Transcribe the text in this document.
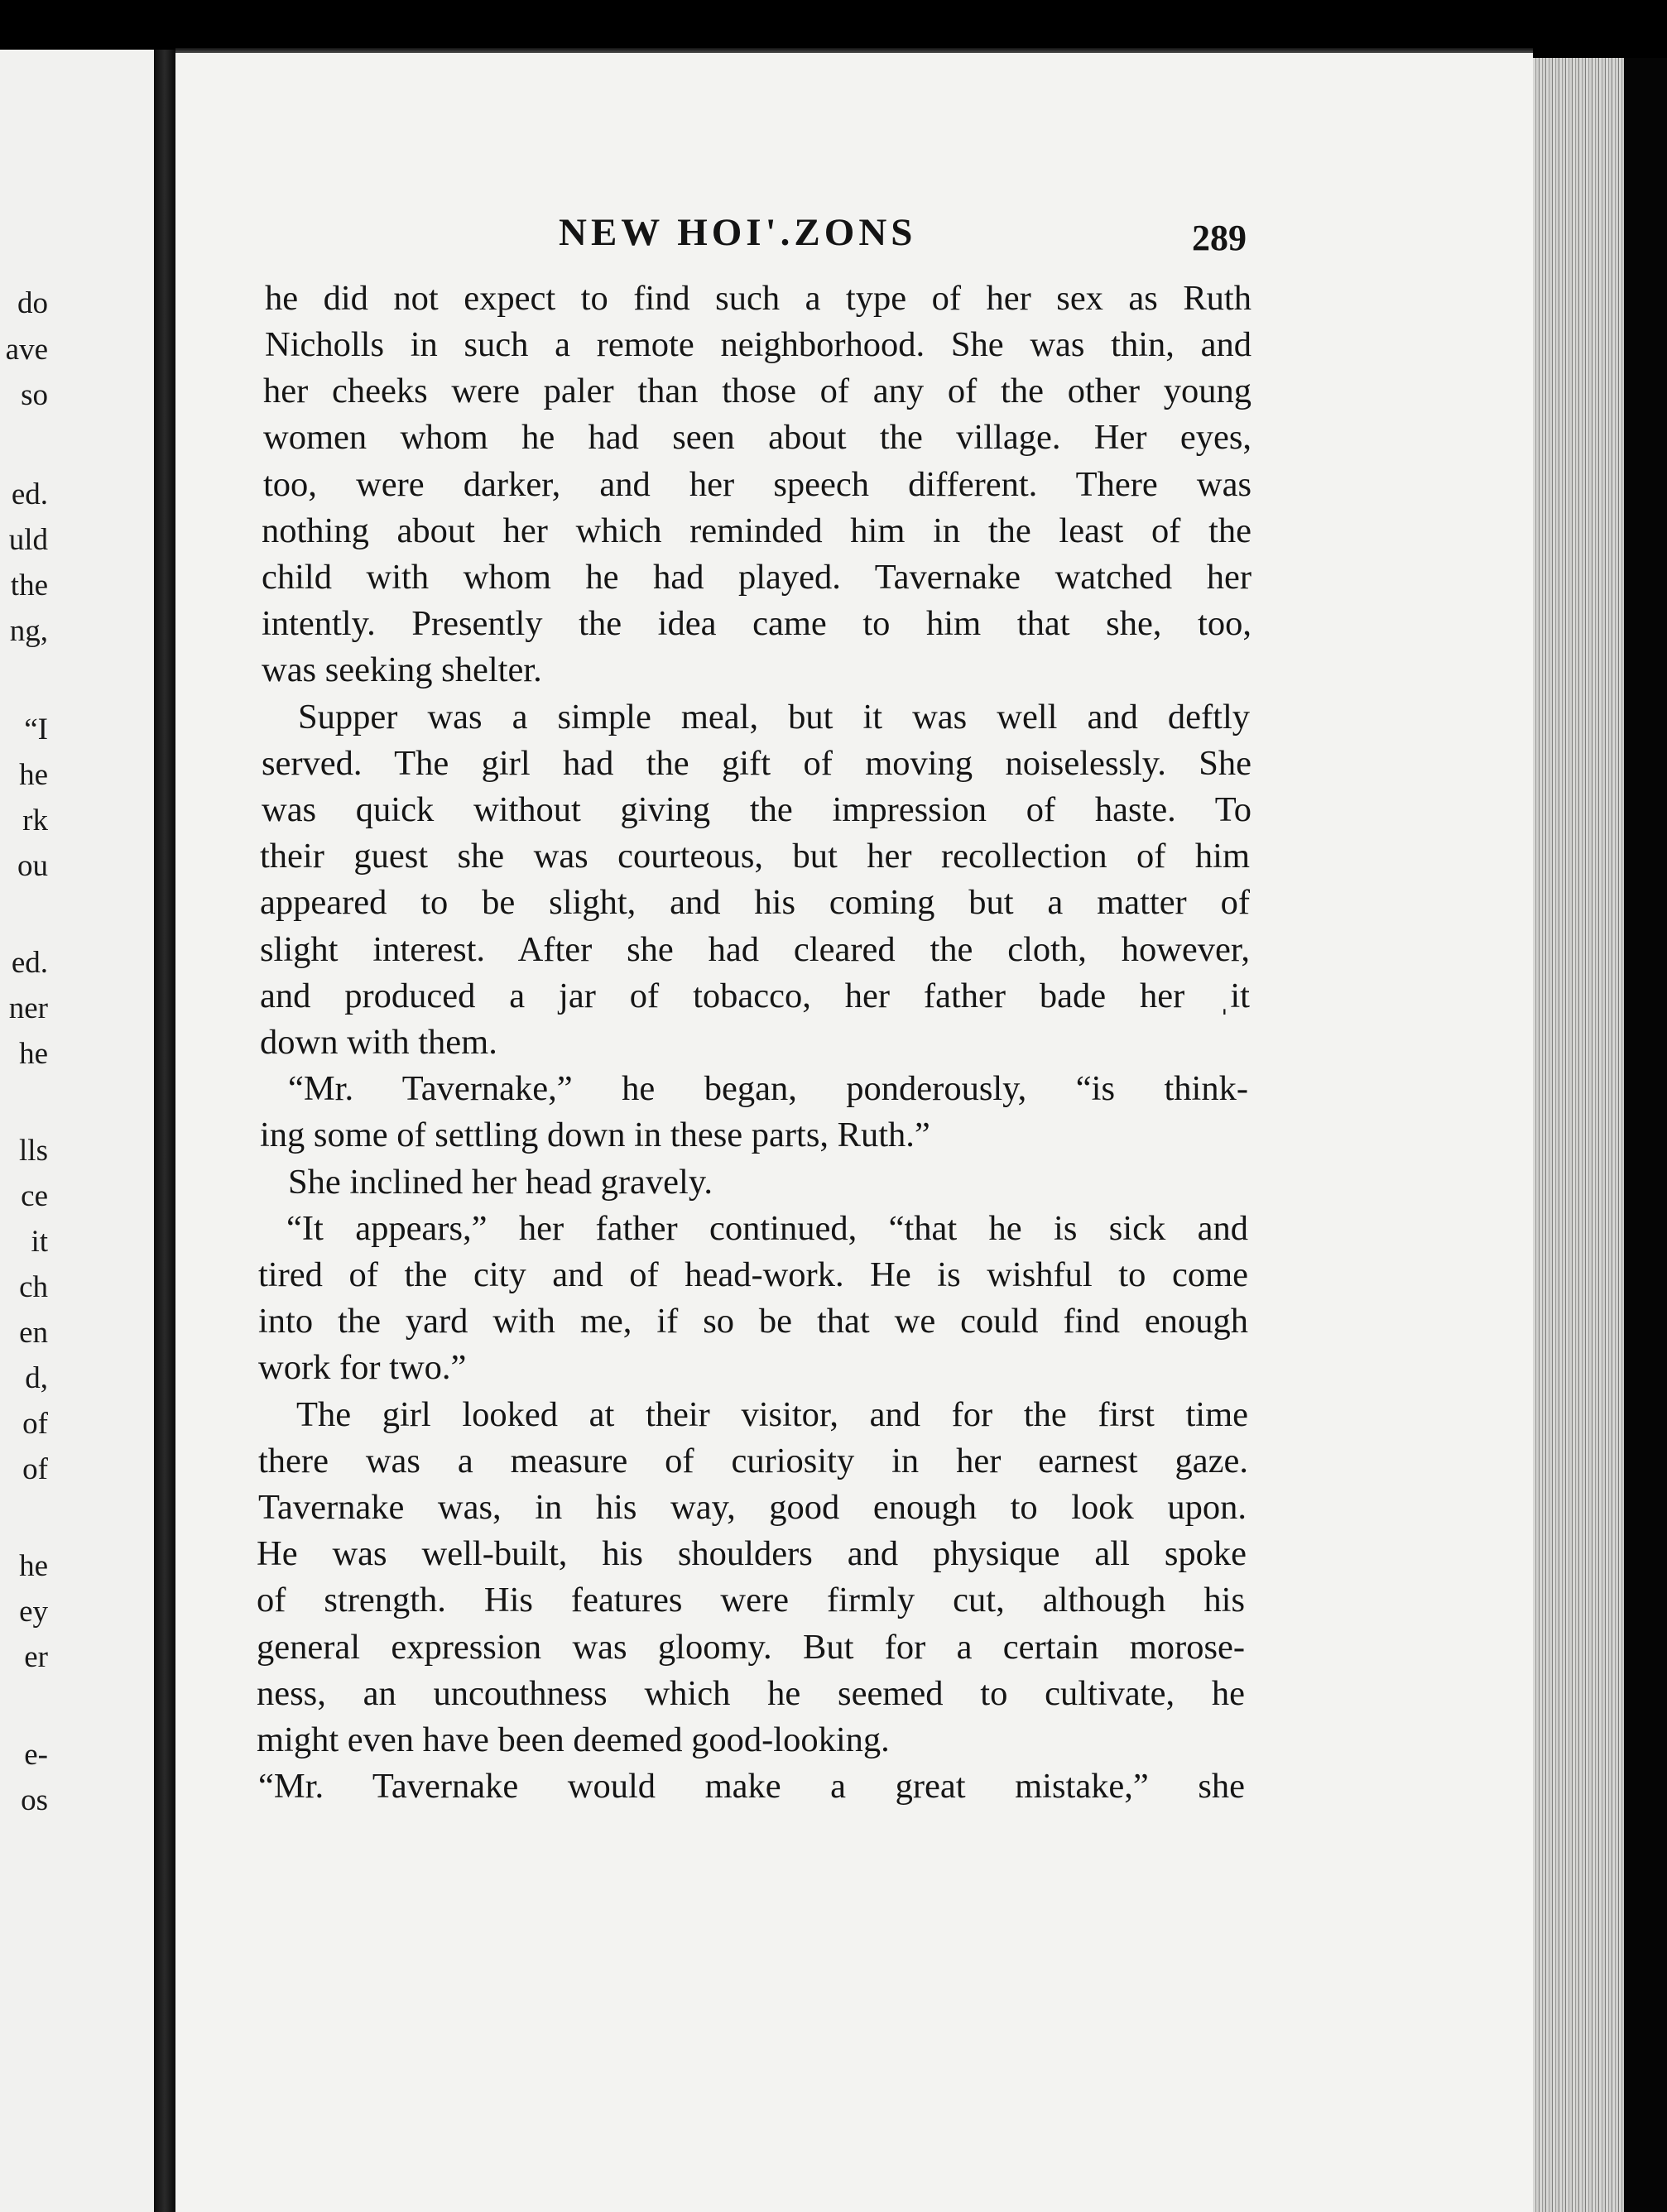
do
ave
so
ed.
uld
the
ng,
“I
he
rk
ou
ed.
ner
he
lls
ce
it
ch
en
d,
of
of
he
ey
er
e-
os
NEW HOI'.ZONS	289
he did not expect to find such a type of her sex as Ruth
Nicholls in such a remote neighborhood. She was thin, and
her cheeks were paler than those of any of the other young
women whom he had seen about the village. Her eyes,
too, were darker, and her speech different. There was
nothing about her which reminded him in the least of the
child with whom he had played. Tavernake watched her
intently. Presently the idea came to him that she, too,
was seeking shelter.
Supper was a simple meal, but it was well and deftly
served. The girl had the gift of moving noiselessly. She
was quick without giving the impression of haste. To
their guest she was courteous, but her recollection of him
appeared to be slight, and his coming but a matter of
slight interest. After she had cleared the cloth, however,
and produced a jar of tobacco, her father bade her ˌit
down with them.
“Mr. Tavernake,” he began, ponderously, “is think-
ing some of settling down in these parts, Ruth.”
She inclined her head gravely.
“It appears,” her father continued, “that he is sick and
tired of the city and of head-work. He is wishful to come
into the yard with me, if so be that we could find enough
work for two.”
The girl looked at their visitor, and for the first time
there was a measure of curiosity in her earnest gaze.
Tavernake was, in his way, good enough to look upon.
He was well-built, his shoulders and physique all spoke
of strength. His features were firmly cut, although his
general expression was gloomy. But for a certain morose-
ness, an uncouthness which he seemed to cultivate, he
might even have been deemed good-looking.
“Mr. Tavernake would make a great mistake,” she
